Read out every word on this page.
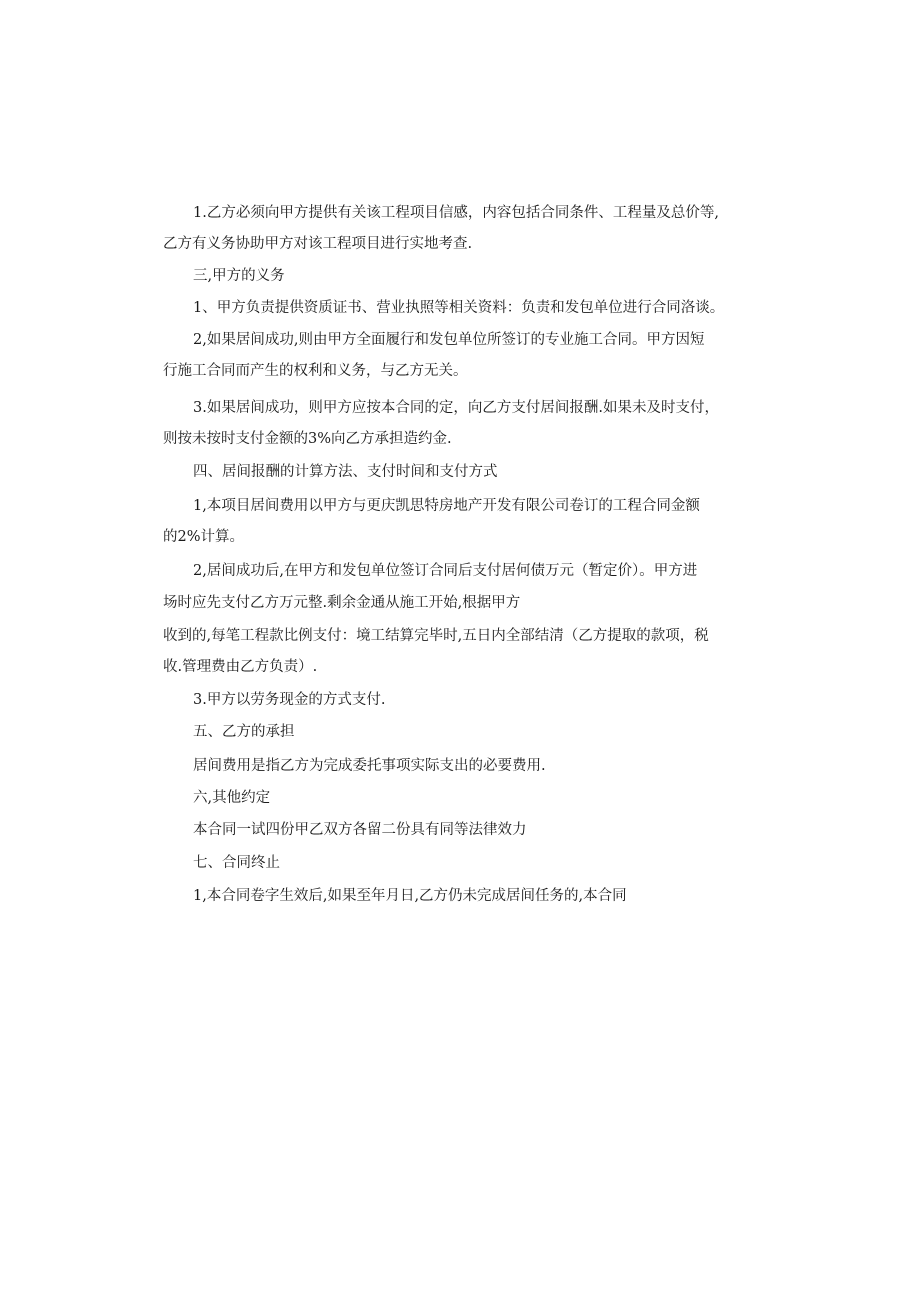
1.乙方必须向甲方提供有关该工程项目信感，内容包括合同条件、工程量及总价等,
乙方有义务协助甲方对该工程项目进行实地考查.
三,甲方的义务
1、甲方负责提供资质证书、营业执照等相关资料：负责和发包单位进行合同洛谈。
2,如果居间成功,则由甲方全面履行和发包单位所签订的专业施工合同。甲方因短
行施工合同而产生的权利和义务，与乙方无关。
3.如果居间成功，则甲方应按本合同的定，向乙方支付居间报酬.如果未及时支付，
则按未按时支付金额的3%向乙方承担造约金.
四、居间报酬的计算方法、支付时间和支付方式
1,本项目居间费用以甲方与更庆凯思特房地产开发有限公司卷订的工程合同金额
的2%计算。
2,居间成功后,在甲方和发包单位签订合同后支付居何债万元（暂定价）。甲方进
场时应先支付乙方万元整.剩余金通从施工开始,根据甲方
收到的,每笔工程款比例支付：境工结算完毕时,五日内全部结清（乙方提取的款项，税
收.管理费由乙方负责）.
3.甲方以劳务现金的方式支付.
五、乙方的承担
居间费用是指乙方为完成委托事项实际支出的必要费用.
六,其他约定
本合同一试四份甲乙双方各留二份具有同等法律效力
七、合同终止
1,本合同卷字生效后,如果至年月日,乙方仍未完成居间任务的,本合同
